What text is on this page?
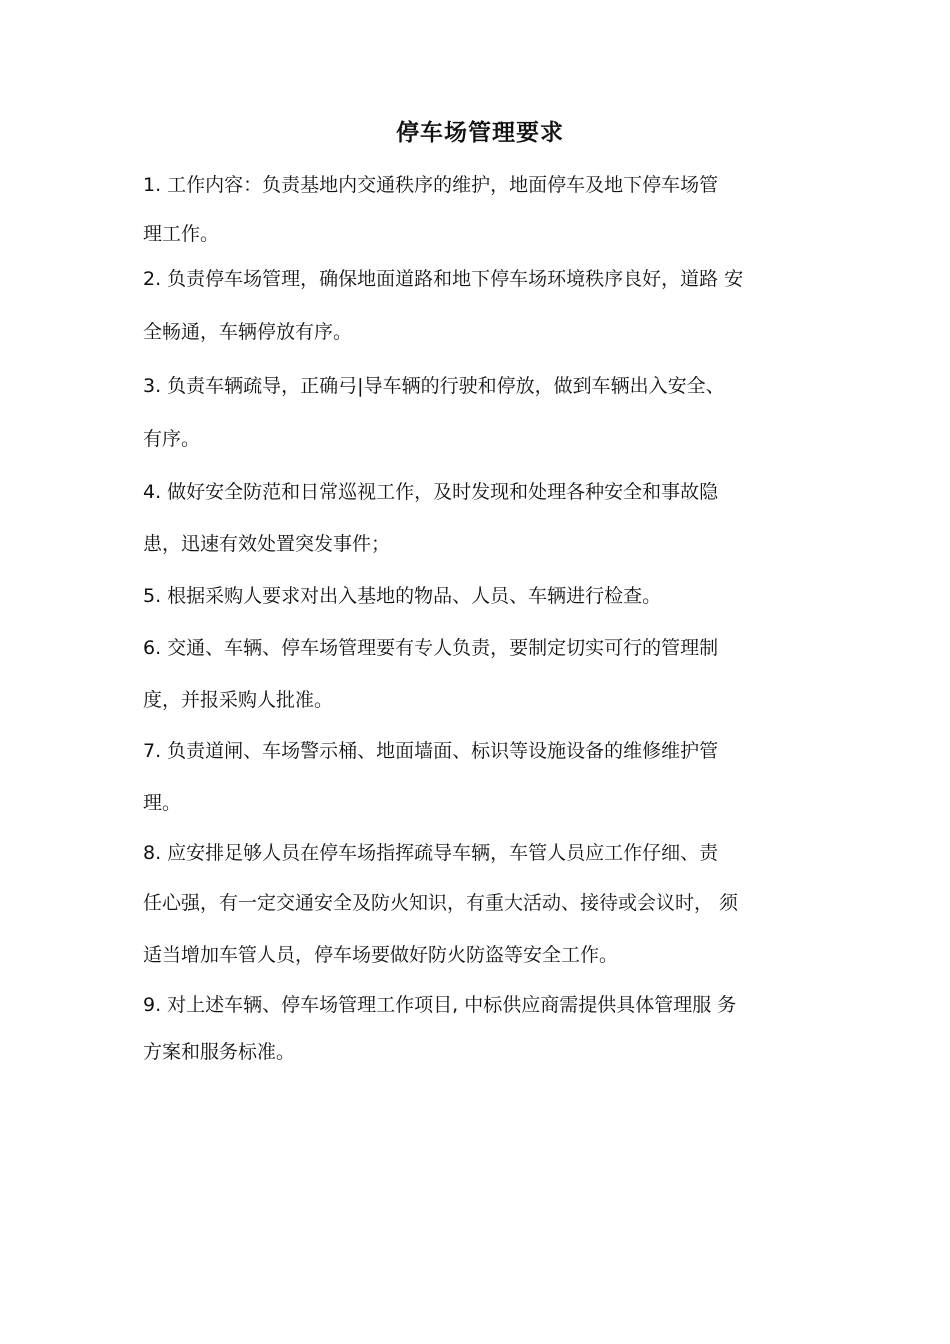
停车场管理要求
1. 工作内容：负责基地内交通秩序的维护，地面停车及地下停车场管
理工作。
2. 负责停车场管理，确保地面道路和地下停车场环境秩序良好，道路 安
全畅通，车辆停放有序。
3. 负责车辆疏导，正确弓|导车辆的行驶和停放，做到车辆出入安全、
有序。
4. 做好安全防范和日常巡视工作，及时发现和处理各种安全和事故隐
患，迅速有效处置突发事件；
5. 根据采购人要求对出入基地的物品、人员、车辆进行检查。
6. 交通、车辆、停车场管理要有专人负责，要制定切实可行的管理制
度，并报采购人批准。
7. 负责道闸、车场警示桶、地面墙面、标识等设施设备的维修维护管
理。
8. 应安排足够人员在停车场指挥疏导车辆，车管人员应工作仔细、责
任心强，有一定交通安全及防火知识，有重大活动、接待或会议时， 须
适当增加车管人员，停车场要做好防火防盗等安全工作。
9. 对上述车辆、停车场管理工作项目, 中标供应商需提供具体管理服 务
方案和服务标准。
